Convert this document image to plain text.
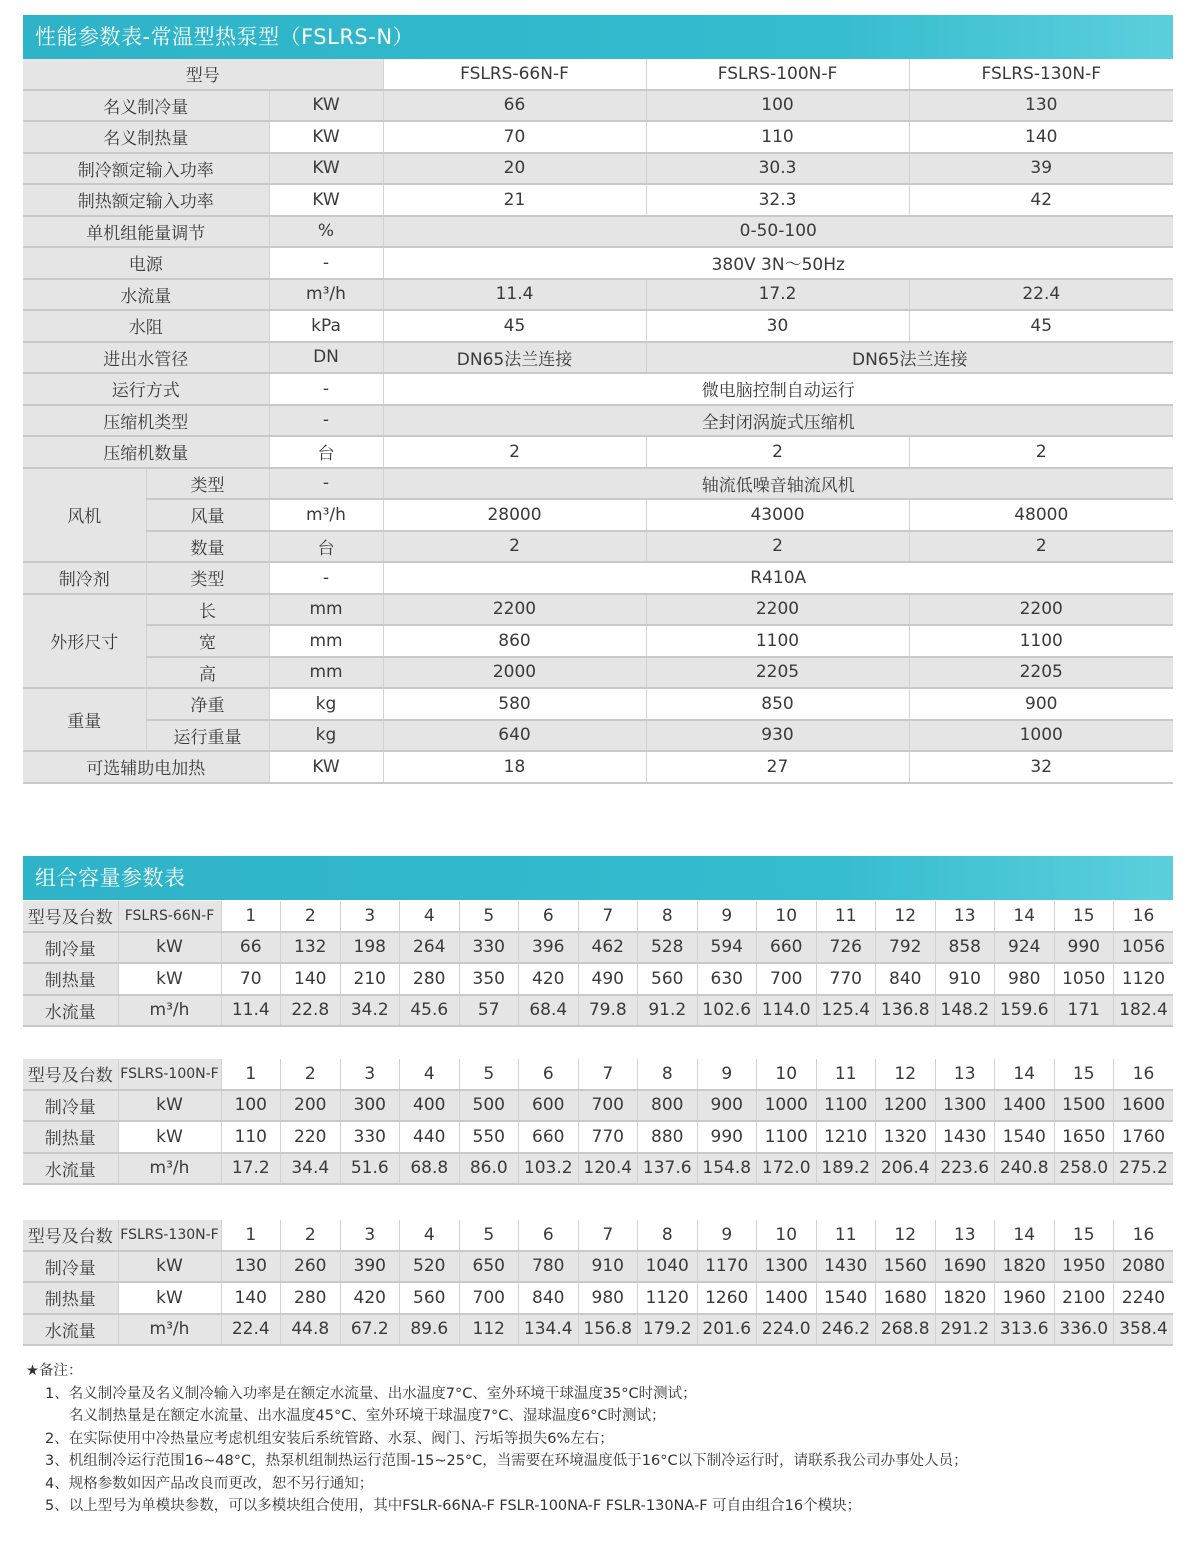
性能参数表-常温型热泵型（FSLRS-N）
型号			FSLRS-66N-F	FSLRS-100N-F	FSLRS-130N-F
名义制冷量		KW	66	100	130
名义制热量		KW	70	110	140
制冷额定输入功率		KW	20	30.3	39
制热额定输入功率		KW	21	32.3	42
单机组能量调节		%	0-50-100		
电源		-	380V 3N～50Hz		
水流量		m³/h	11.4	17.2	22.4
水阻		kPa	45	30	45
进出水管径		DN	DN65法兰连接	DN65法兰连接	
运行方式		-	微电脑控制自动运行		
压缩机类型		-	全封闭涡旋式压缩机		
压缩机数量		台	2	2	2
风机	类型	-	轴流低噪音轴流风机		
	风量	m³/h	28000	43000	48000
	数量	台	2	2	2
制冷剂	类型	-	R410A		
外形尺寸	长	mm	2200	2200	2200
	宽	mm	860	1100	1100
	高	mm	2000	2205	2205
重量	净重	kg	580	850	900
	运行重量	kg	640	930	1000
可选辅助电加热		KW	18	27	32
组合容量参数表
型号及台数	FSLRS-66N-F	1	2	3	4	5	6	7	8	9	10	11	12	13	14	15	16
制冷量	kW	66	132	198	264	330	396	462	528	594	660	726	792	858	924	990	1056
制热量	kW	70	140	210	280	350	420	490	560	630	700	770	840	910	980	1050	1120
水流量	m³/h	11.4	22.8	34.2	45.6	57	68.4	79.8	91.2	102.6	114.0	125.4	136.8	148.2	159.6	171	182.4
型号及台数	FSLRS-100N-F	1	2	3	4	5	6	7	8	9	10	11	12	13	14	15	16
制冷量	kW	100	200	300	400	500	600	700	800	900	1000	1100	1200	1300	1400	1500	1600
制热量	kW	110	220	330	440	550	660	770	880	990	1100	1210	1320	1430	1540	1650	1760
水流量	m³/h	17.2	34.4	51.6	68.8	86.0	103.2	120.4	137.6	154.8	172.0	189.2	206.4	223.6	240.8	258.0	275.2
型号及台数	FSLRS-130N-F	1	2	3	4	5	6	7	8	9	10	11	12	13	14	15	16
制冷量	kW	130	260	390	520	650	780	910	1040	1170	1300	1430	1560	1690	1820	1950	2080
制热量	kW	140	280	420	560	700	840	980	1120	1260	1400	1540	1680	1820	1960	2100	2240
水流量	m³/h	22.4	44.8	67.2	89.6	112	134.4	156.8	179.2	201.6	224.0	246.2	268.8	291.2	313.6	336.0	358.4
★备注：
1、名义制冷量及名义制冷输入功率是在额定水流量、出水温度7°C、室外环境干球温度35°C时测试；
名义制热量是在额定水流量、出水温度45°C、室外环境干球温度7°C、湿球温度6°C时测试；
2、在实际使用中冷热量应考虑机组安装后系统管路、水泵、阀门、污垢等损失6%左右；
3、机组制冷运行范围16~48°C，热泵机组制热运行范围-15~25°C，当需要在环境温度低于16°C以下制冷运行时，请联系我公司办事处人员；
4、规格参数如因产品改良而更改，恕不另行通知；
5、以上型号为单模块参数，可以多模块组合使用，其中FSLR-66NA-F FSLR-100NA-F FSLR-130NA-F 可自由组合16个模块；
